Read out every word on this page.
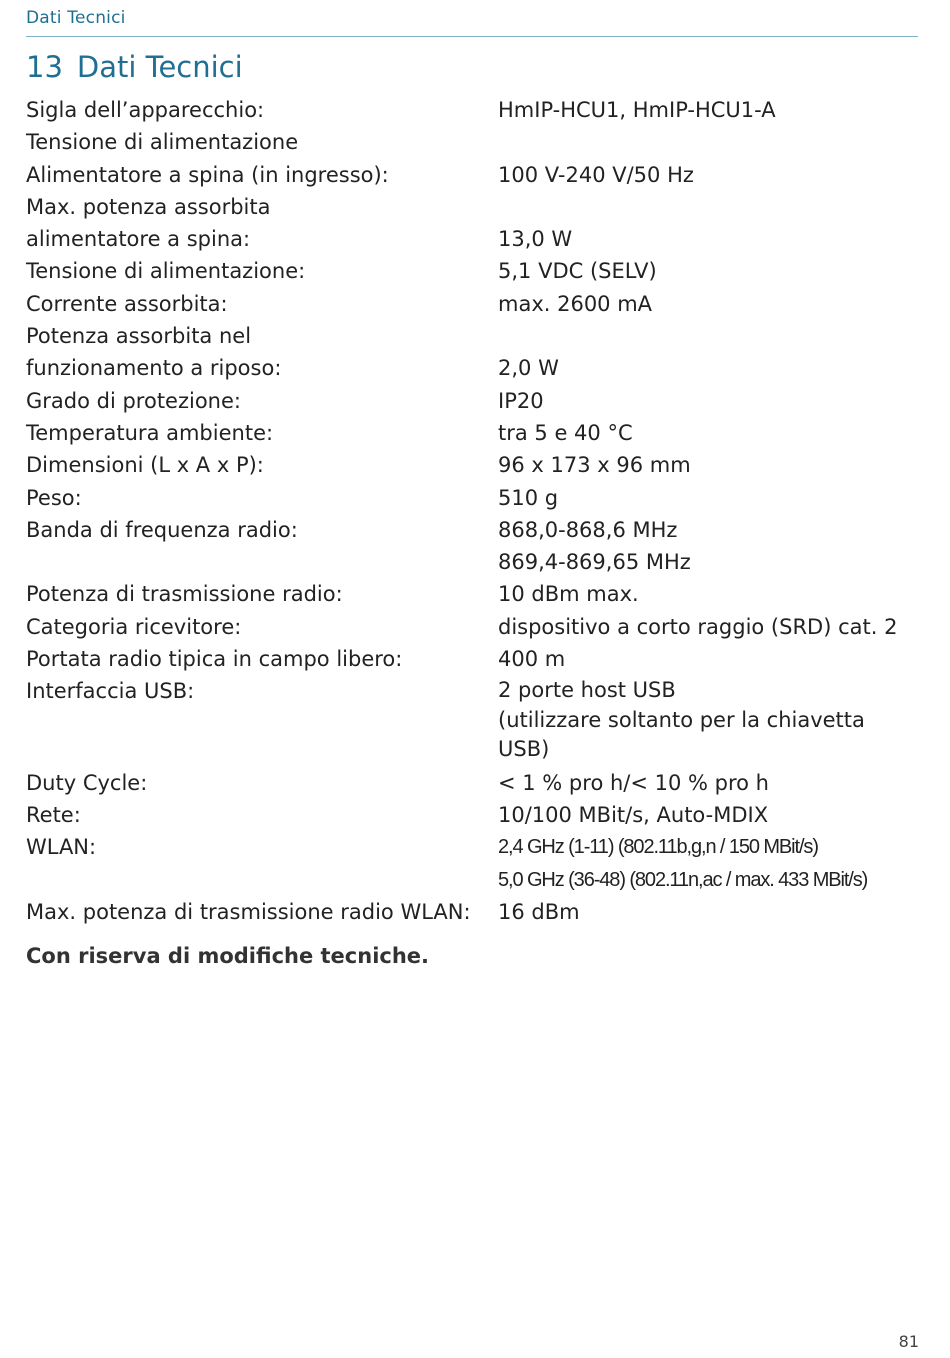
Dati Tecnici
13 Dati Tecnici
Sigla dell’apparecchio:	HmIP-HCU1, HmIP-HCU1-A
Tensione di alimentazione
Alimentatore a spina (in ingresso):
	100 V-240 V/50 Hz
Max. potenza assorbita
alimentatore a spina:
	13,0 W
Tensione di alimentazione:	5,1 VDC (SELV)
Corrente assorbita:	max. 2600 mA
Potenza assorbita nel
funzionamento a riposo:
	2,0 W
Grado di protezione:	IP20
Temperatura ambiente:	tra 5 e 40 °C
Dimensioni (L x A x P):	96 x 173 x 96 mm
Peso:	510 g
Banda di frequenza radio:	868,0-868,6 MHz
869,4-869,65 MHz
Potenza di trasmissione radio:	10 dBm max.
Categoria ricevitore:	dispositivo a corto raggio (SRD) cat. 2
Portata radio tipica in campo libero:	400 m
Interfaccia USB:	2 porte host USB
(utilizzare soltanto per la chiavetta
USB)
Duty Cycle:	< 1 % pro h/< 10 % pro h
Rete:	10/100 MBit/s, Auto-MDIX
WLAN:	2,4 GHz (1-11) (802.11b,g,n / 150 MBit/s)
5,0 GHz (36-48) (802.11n,ac / max. 433 MBit/s)
Max. potenza di trasmissione radio WLAN:	16 dBm
Con riserva di modifiche tecniche.
81
